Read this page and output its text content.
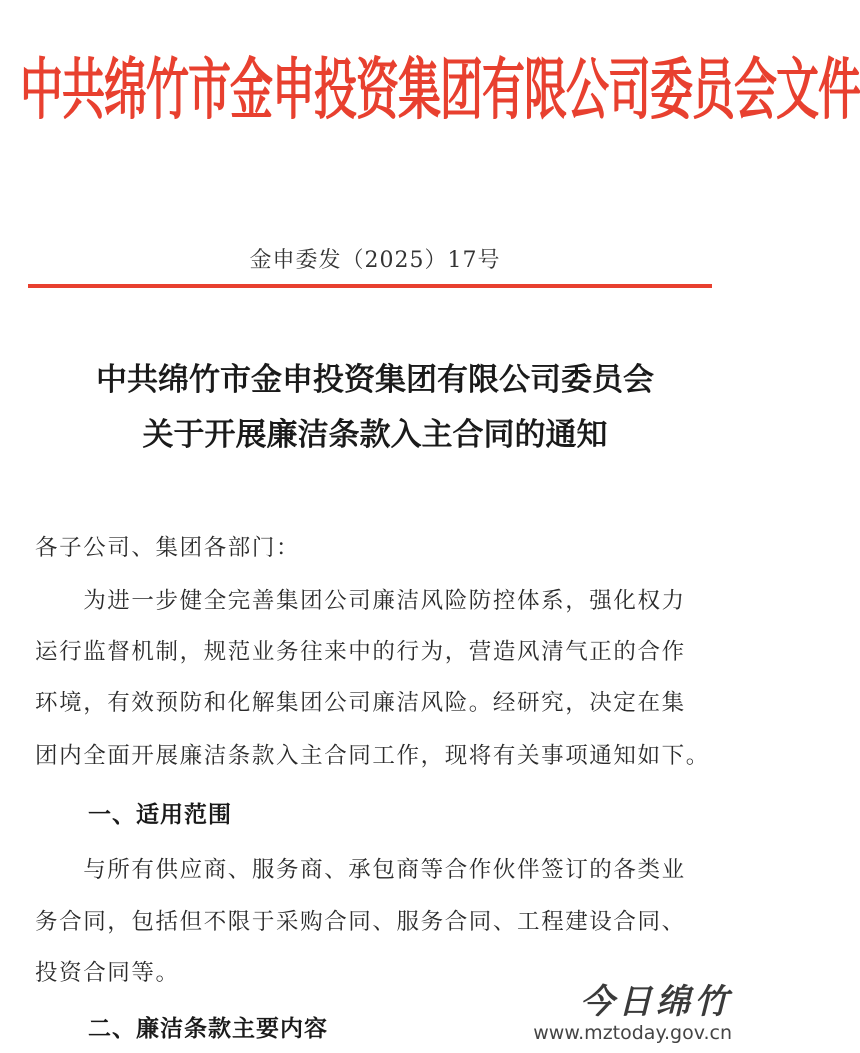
中共绵竹市金申投资集团有限公司委员会文件
金申委发（2025）17号
中共绵竹市金申投资集团有限公司委员会
关于开展廉洁条款入主合同的通知
各子公司、集团各部门：
　　为进一步健全完善集团公司廉洁风险防控体系，强化权力
运行监督机制，规范业务往来中的行为，营造风清气正的合作
环境，有效预防和化解集团公司廉洁风险。经研究，决定在集
团内全面开展廉洁条款入主合同工作，现将有关事项通知如下。
一、适用范围
　　与所有供应商、服务商、承包商等合作伙伴签订的各类业
务合同，包括但不限于采购合同、服务合同、工程建设合同、
投资合同等。
二、廉洁条款主要内容
今日绵竹
www.mztoday.gov.cn
